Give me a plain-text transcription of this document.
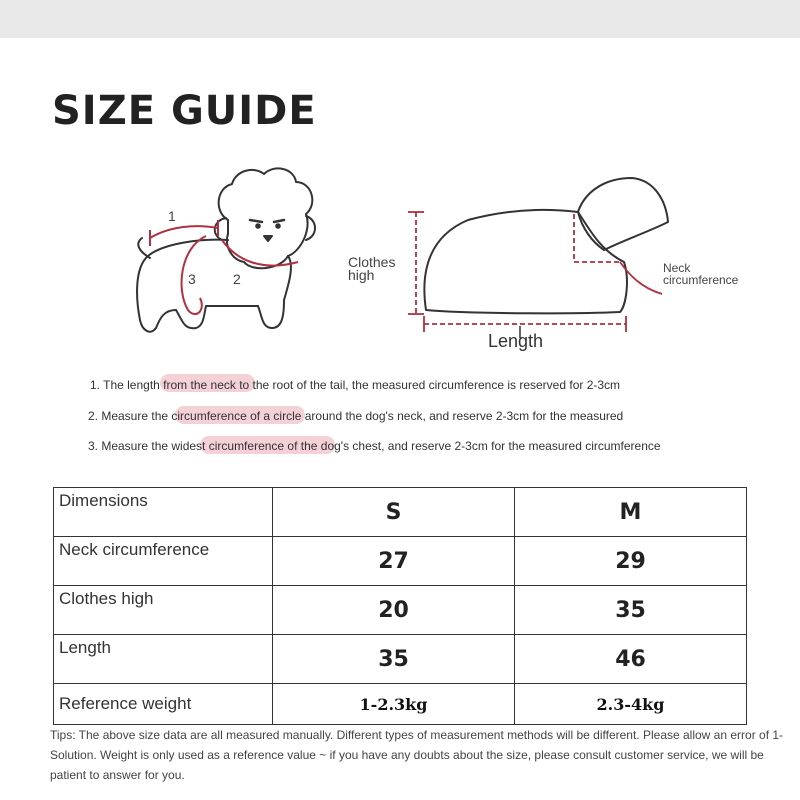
SIZE GUIDE
1
2
3
Clothes high
Length
Neck circumference
1. The length from the neck to the root of the tail, the measured circumference is reserved for 2-3cm
2. Measure the circumference of a circle around the dog's neck, and reserve 2-3cm for the measured
3. Measure the widest circumference of the dog's chest, and reserve 2-3cm for the measured circumference
Dimensions	S	M
Neck circumference	27	29
Clothes high	20	35
Length	35	46
Reference weight	1-2.3kg	2.3-4kg
Tips: The above size data are all measured manually. Different types of measurement methods will be different. Please allow an error of 1-Solution. Weight is only used as a reference value ~ if you have any doubts about the size, please consult customer service, we will be patient to answer for you.
